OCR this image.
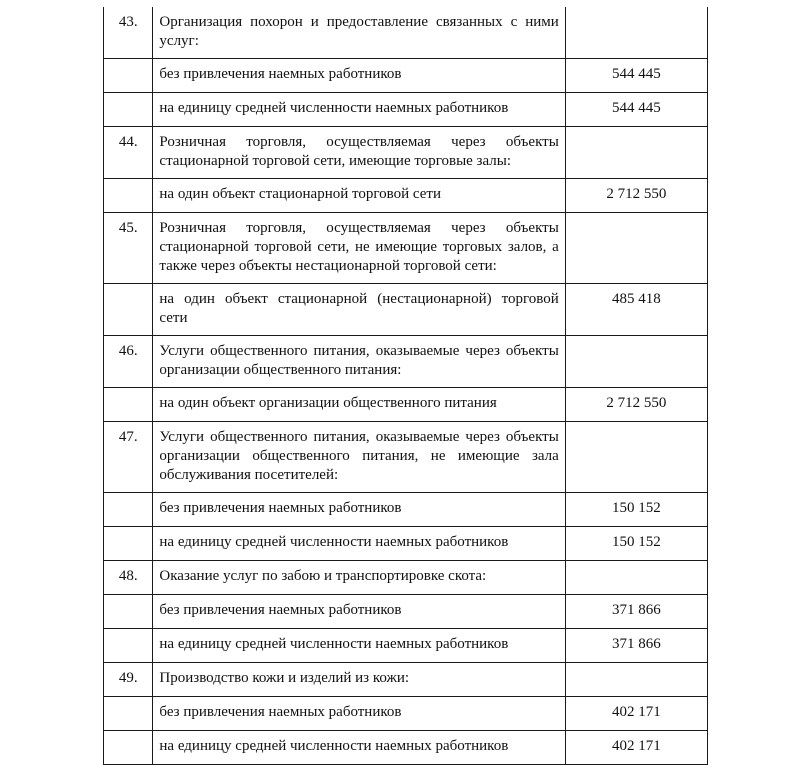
43.	Организация похорон и предоставление связанных с ними услуг:	
	без привлечения наемных работников	544 445
	на единицу средней численности наемных работников	544 445
44.	Розничная торговля, осуществляемая через объекты стационарной торговой сети, имеющие торговые залы:	
	на один объект стационарной торговой сети	2 712 550
45.	Розничная торговля, осуществляемая через объекты стационарной торговой сети, не имеющие торговых залов, а также через объекты нестационарной торговой сети:	
	на один объект стационарной (нестационарной) торговой сети	485 418
46.	Услуги общественного питания, оказываемые через объекты организации общественного питания:	
	на один объект организации общественного питания	2 712 550
47.	Услуги общественного питания, оказываемые через объекты организации общественного питания, не имеющие зала обслуживания посетителей:	
	без привлечения наемных работников	150 152
	на единицу средней численности наемных работников	150 152
48.	Оказание услуг по забою и транспортировке скота:	
	без привлечения наемных работников	371 866
	на единицу средней численности наемных работников	371 866
49.	Производство кожи и изделий из кожи:	
	без привлечения наемных работников	402 171
	на единицу средней численности наемных работников	402 171
